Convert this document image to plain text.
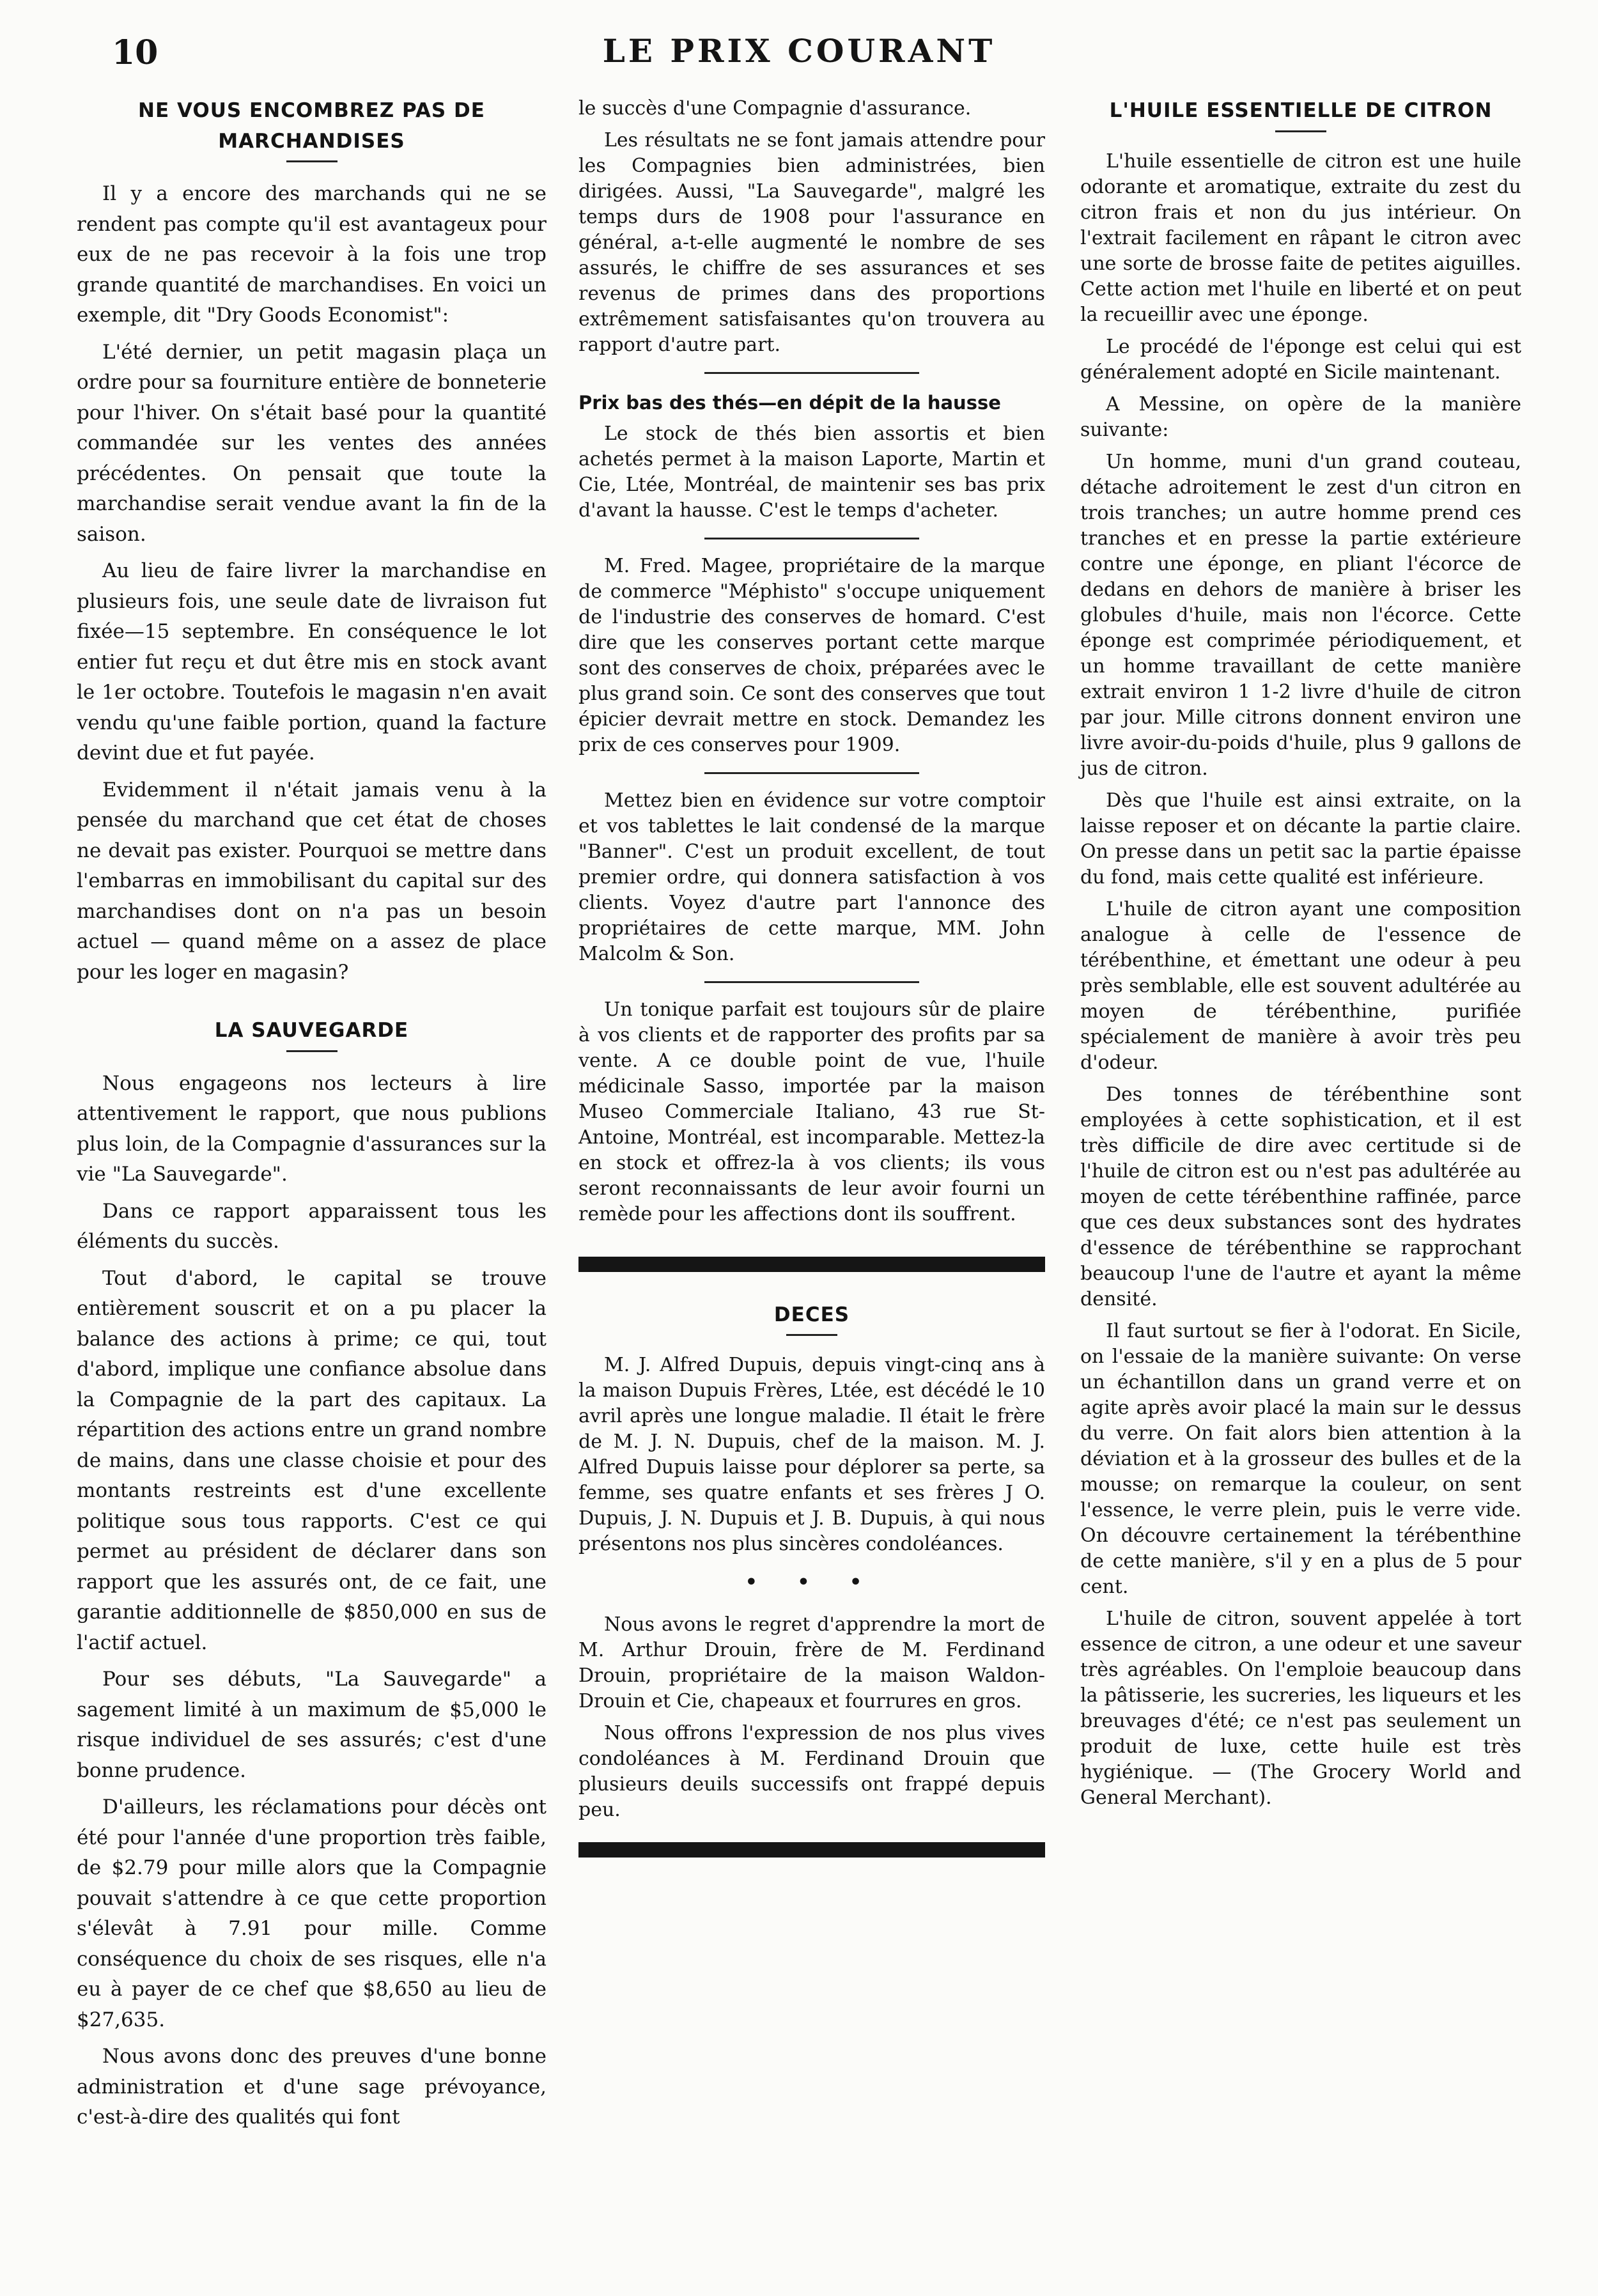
10	LE PRIX COURANT
NE VOUS ENCOMBREZ PAS DE MARCHANDISES

Il y a encore des marchands qui ne se rendent pas compte qu'il est avantageux pour eux de ne pas recevoir à la fois une trop grande quantité de marchandises. En voici un exemple, dit "Dry Goods Economist":

L'été dernier, un petit magasin plaça un ordre pour sa fourniture entière de bonneterie pour l'hiver. On s'était basé pour la quantité commandée sur les ventes des années précédentes. On pensait que toute la marchandise serait vendue avant la fin de la saison.

Au lieu de faire livrer la marchandise en plusieurs fois, une seule date de livraison fut fixée—15 septembre. En conséquence le lot entier fut reçu et dut être mis en stock avant le 1er octobre. Toutefois le magasin n'en avait vendu qu'une faible portion, quand la facture devint due et fut payée.

Evidemment il n'était jamais venu à la pensée du marchand que cet état de choses ne devait pas exister. Pourquoi se mettre dans l'embarras en immobilisant du capital sur des marchandises dont on n'a pas un besoin actuel — quand même on a assez de place pour les loger en magasin?

LA SAUVEGARDE

Nous engageons nos lecteurs à lire attentivement le rapport, que nous publions plus loin, de la Compagnie d'assurances sur la vie "La Sauvegarde".

Dans ce rapport apparaissent tous les éléments du succès.

Tout d'abord, le capital se trouve entièrement souscrit et on a pu placer la balance des actions à prime; ce qui, tout d'abord, implique une confiance absolue dans la Compagnie de la part des capitaux. La répartition des actions entre un grand nombre de mains, dans une classe choisie et pour des montants restreints est d'une excellente politique sous tous rapports. C'est ce qui permet au président de déclarer dans son rapport que les assurés ont, de ce fait, une garantie additionnelle de $850,000 en sus de l'actif actuel.

Pour ses débuts, "La Sauvegarde" a sagement limité à un maximum de $5,000 le risque individuel de ses assurés; c'est d'une bonne prudence.

D'ailleurs, les réclamations pour décès ont été pour l'année d'une proportion très faible, de $2.79 pour mille alors que la Compagnie pouvait s'attendre à ce que cette proportion s'élevât à 7.91 pour mille. Comme conséquence du choix de ses risques, elle n'a eu à payer de ce chef que $8,650 au lieu de $27,635.

Nous avons donc des preuves d'une bonne administration et d'une sage prévoyance, c'est-à-dire des qualités qui font

le succès d'une Compagnie d'assurance.

Les résultats ne se font jamais attendre pour les Compagnies bien administrées, bien dirigées. Aussi, "La Sauvegarde", malgré les temps durs de 1908 pour l'assurance en général, a-t-elle augmenté le nombre de ses assurés, le chiffre de ses assurances et ses revenus de primes dans des proportions extrêmement satisfaisantes qu'on trouvera au rapport d'autre part.

Prix bas des thés—en dépit de la hausse

Le stock de thés bien assortis et bien achetés permet à la maison Laporte, Martin et Cie, Ltée, Montréal, de maintenir ses bas prix d'avant la hausse. C'est le temps d'acheter.

M. Fred. Magee, propriétaire de la marque de commerce "Méphisto" s'occupe uniquement de l'industrie des conserves de homard. C'est dire que les conserves portant cette marque sont des conserves de choix, préparées avec le plus grand soin. Ce sont des conserves que tout épicier devrait mettre en stock. Demandez les prix de ces conserves pour 1909.

Mettez bien en évidence sur votre comptoir et vos tablettes le lait condensé de la marque "Banner". C'est un produit excellent, de tout premier ordre, qui donnera satisfaction à vos clients. Voyez d'autre part l'annonce des propriétaires de cette marque, MM. John Malcolm & Son.

Un tonique parfait est toujours sûr de plaire à vos clients et de rapporter des profits par sa vente. A ce double point de vue, l'huile médicinale Sasso, importée par la maison Museo Commerciale Italiano, 43 rue St-Antoine, Montréal, est incomparable. Mettez-la en stock et offrez-la à vos clients; ils vous seront reconnaissants de leur avoir fourni un remède pour les affections dont ils souffrent.

DECES

M. J. Alfred Dupuis, depuis vingt-cinq ans à la maison Dupuis Frères, Ltée, est décédé le 10 avril après une longue maladie. Il était le frère de M. J. N. Dupuis, chef de la maison. M. J. Alfred Dupuis laisse pour déplorer sa perte, sa femme, ses quatre enfants et ses frères J O. Dupuis, J. N. Dupuis et J. B. Dupuis, à qui nous présentons nos plus sincères condoléances.

• • •

Nous avons le regret d'apprendre la mort de M. Arthur Drouin, frère de M. Ferdinand Drouin, propriétaire de la maison Waldon-Drouin et Cie, chapeaux et fourrures en gros.

Nous offrons l'expression de nos plus vives condoléances à M. Ferdinand Drouin que plusieurs deuils successifs ont frappé depuis peu.

L'HUILE ESSENTIELLE DE CITRON

L'huile essentielle de citron est une huile odorante et aromatique, extraite du zest du citron frais et non du jus intérieur. On l'extrait facilement en râpant le citron avec une sorte de brosse faite de petites aiguilles. Cette action met l'huile en liberté et on peut la recueillir avec une éponge.

Le procédé de l'éponge est celui qui est généralement adopté en Sicile maintenant.

A Messine, on opère de la manière suivante:

Un homme, muni d'un grand couteau, détache adroitement le zest d'un citron en trois tranches; un autre homme prend ces tranches et en presse la partie extérieure contre une éponge, en pliant l'écorce de dedans en dehors de manière à briser les globules d'huile, mais non l'écorce. Cette éponge est comprimée périodiquement, et un homme travaillant de cette manière extrait environ 1 1-2 livre d'huile de citron par jour. Mille citrons donnent environ une livre avoir-du-poids d'huile, plus 9 gallons de jus de citron.

Dès que l'huile est ainsi extraite, on la laisse reposer et on décante la partie claire. On presse dans un petit sac la partie épaisse du fond, mais cette qualité est inférieure.

L'huile de citron ayant une composition analogue à celle de l'essence de térébenthine, et émettant une odeur à peu près semblable, elle est souvent adultérée au moyen de térébenthine, purifiée spécialement de manière à avoir très peu d'odeur.

Des tonnes de térébenthine sont employées à cette sophistication, et il est très difficile de dire avec certitude si de l'huile de citron est ou n'est pas adultérée au moyen de cette térébenthine raffinée, parce que ces deux substances sont des hydrates d'essence de térébenthine se rapprochant beaucoup l'une de l'autre et ayant la même densité.

Il faut surtout se fier à l'odorat. En Sicile, on l'essaie de la manière suivante: On verse un échantillon dans un grand verre et on agite après avoir placé la main sur le dessus du verre. On fait alors bien attention à la déviation et à la grosseur des bulles et de la mousse; on remarque la couleur, on sent l'essence, le verre plein, puis le verre vide. On découvre certainement la térébenthine de cette manière, s'il y en a plus de 5 pour cent.

L'huile de citron, souvent appelée à tort essence de citron, a une odeur et une saveur très agréables. On l'emploie beaucoup dans la pâtisserie, les sucreries, les liqueurs et les breuvages d'été; ce n'est pas seulement un produit de luxe, cette huile est très hygiénique. — (The Grocery World and General Merchant).
